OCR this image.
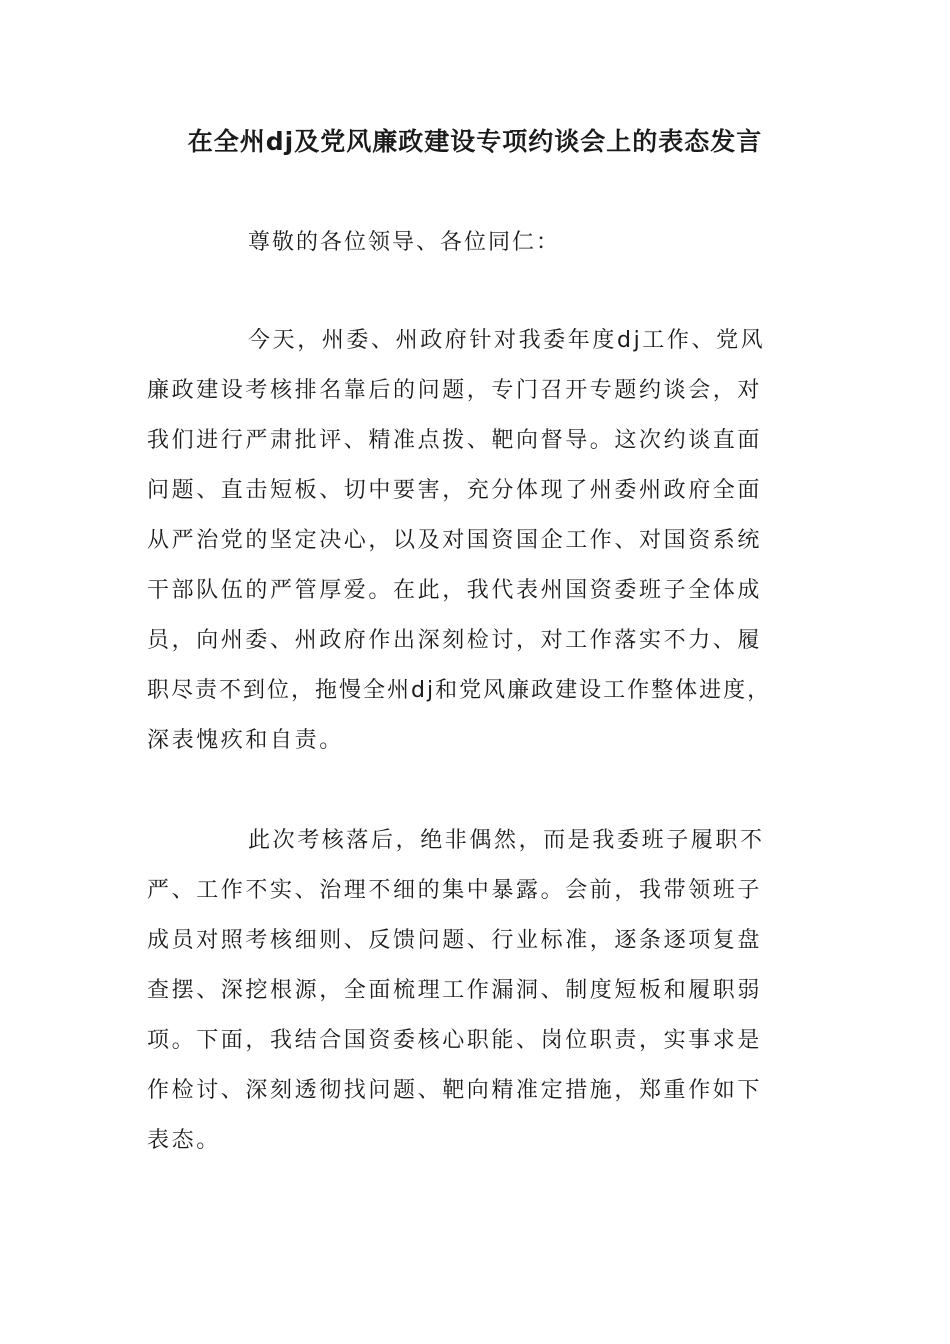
在全州dj及党风廉政建设专项约谈会上的表态发言

尊敬的各位领导、各位同仁：

今天，州委、州政府针对我委年度dj工作、党风
廉政建设考核排名靠后的问题，专门召开专题约谈会，对
我们进行严肃批评、精准点拨、靶向督导。这次约谈直面
问题、直击短板、切中要害，充分体现了州委州政府全面
从严治党的坚定决心，以及对国资国企工作、对国资系统
干部队伍的严管厚爱。在此，我代表州国资委班子全体成
员，向州委、州政府作出深刻检讨，对工作落实不力、履
职尽责不到位，拖慢全州dj和党风廉政建设工作整体进度，
深表愧疚和自责。
此次考核落后，绝非偶然，而是我委班子履职不
严、工作不实、治理不细的集中暴露。会前，我带领班子
成员对照考核细则、反馈问题、行业标准，逐条逐项复盘
查摆、深挖根源，全面梳理工作漏洞、制度短板和履职弱
项。下面，我结合国资委核心职能、岗位职责，实事求是
作检讨、深刻透彻找问题、靶向精准定措施，郑重作如下
表态。
